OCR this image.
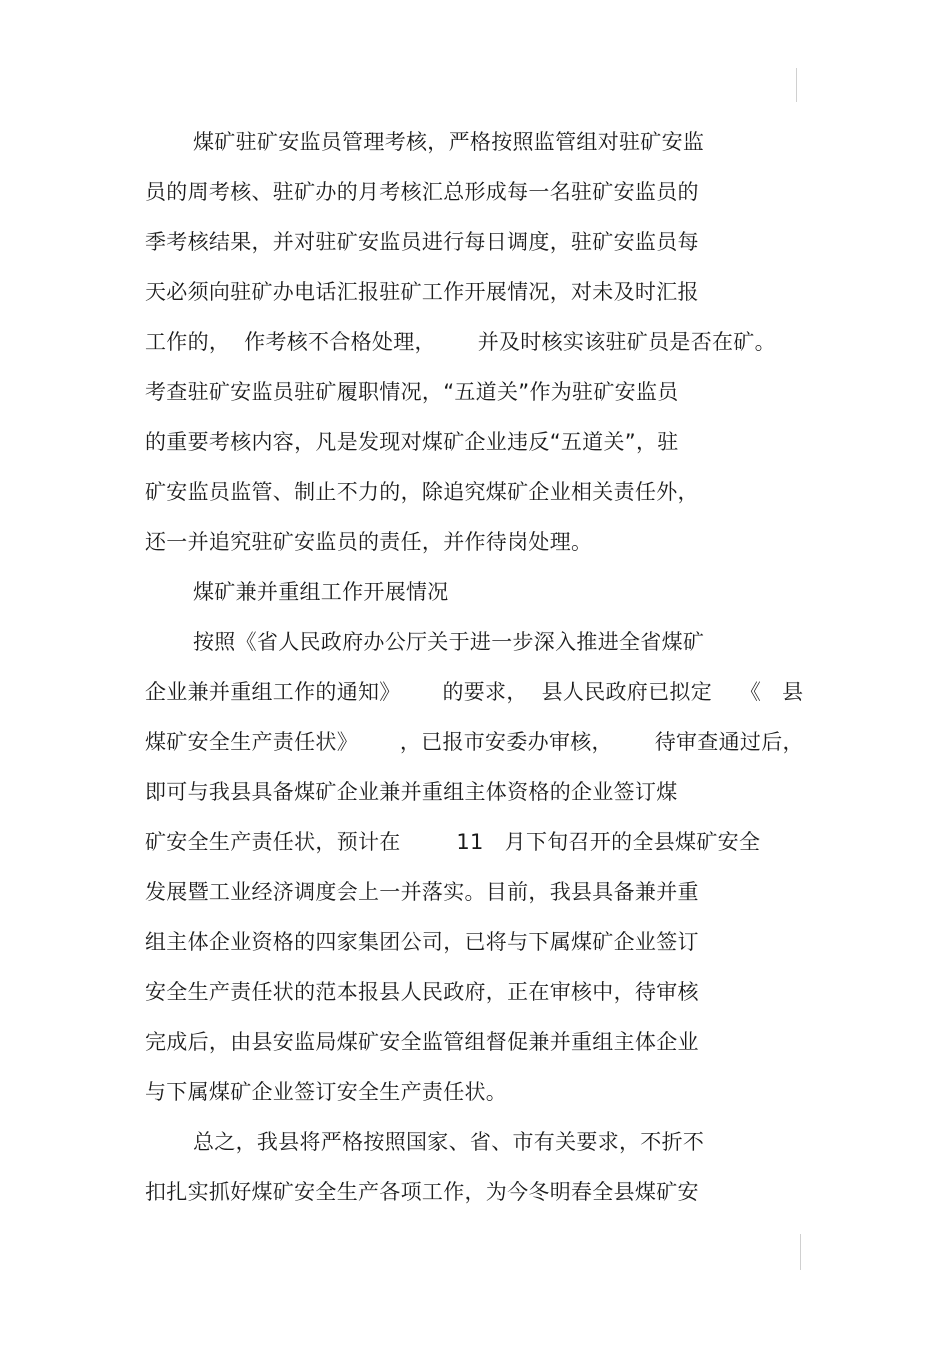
煤矿驻矿安监员管理考核，严格按照监管组对驻矿安监
员的周考核、驻矿办的月考核汇总形成每一名驻矿安监员的
季考核结果，并对驻矿安监员进行每日调度，驻矿安监员每
天必须向驻矿办电话汇报驻矿工作开展情况，对未及时汇报
工作的，  作考核不合格处理，      并及时核实该驻矿员是否在矿。
考查驻矿安监员驻矿履职情况，“五道关”作为驻矿安监员
的重要考核内容，凡是发现对煤矿企业违反“五道关”，驻
矿安监员监管、制止不力的，除追究煤矿企业相关责任外，
还一并追究驻矿安监员的责任，并作待岗处理。
煤矿兼并重组工作开展情况
按照《省人民政府办公厅关于进一步深入推进全省煤矿
企业兼并重组工作的通知》      的要求，  县人民政府已拟定    《   县
煤矿安全生产责任状》      ，已报市安委办审核，      待审查通过后，
即可与我县具备煤矿企业兼并重组主体资格的企业签订煤
矿安全生产责任状，预计在        11   月下旬召开的全县煤矿安全
发展暨工业经济调度会上一并落实。目前，我县具备兼并重
组主体企业资格的四家集团公司，已将与下属煤矿企业签订
安全生产责任状的范本报县人民政府，正在审核中，待审核
完成后，由县安监局煤矿安全监管组督促兼并重组主体企业
与下属煤矿企业签订安全生产责任状。
总之，我县将严格按照国家、省、市有关要求，不折不
扣扎实抓好煤矿安全生产各项工作，为今冬明春全县煤矿安
